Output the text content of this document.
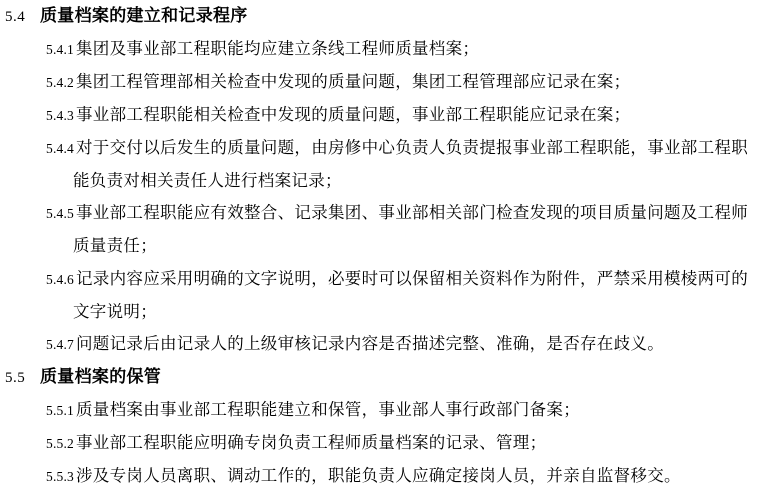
5.4 质量档案的建立和记录程序
5.4.1 集团及事业部工程职能均应建立条线工程师质量档案；
5.4.2 集团工程管理部相关检查中发现的质量问题，集团工程管理部应记录在案；
5.4.3 事业部工程职能相关检查中发现的质量问题，事业部工程职能应记录在案；
5.4.4 对于交付以后发生的质量问题，由房修中心负责人负责提报事业部工程职能，事业部工程职能负责对相关责任人进行档案记录；
5.4.5 事业部工程职能应有效整合、记录集团、事业部相关部门检查发现的项目质量问题及工程师质量责任；
5.4.6 记录内容应采用明确的文字说明，必要时可以保留相关资料作为附件，严禁采用模棱两可的文字说明；
5.4.7 问题记录后由记录人的上级审核记录内容是否描述完整、准确，是否存在歧义。
5.5 质量档案的保管
5.5.1 质量档案由事业部工程职能建立和保管，事业部人事行政部门备案；
5.5.2 事业部工程职能应明确专岗负责工程师质量档案的记录、管理；
5.5.3 涉及专岗人员离职、调动工作的，职能负责人应确定接岗人员，并亲自监督移交。
